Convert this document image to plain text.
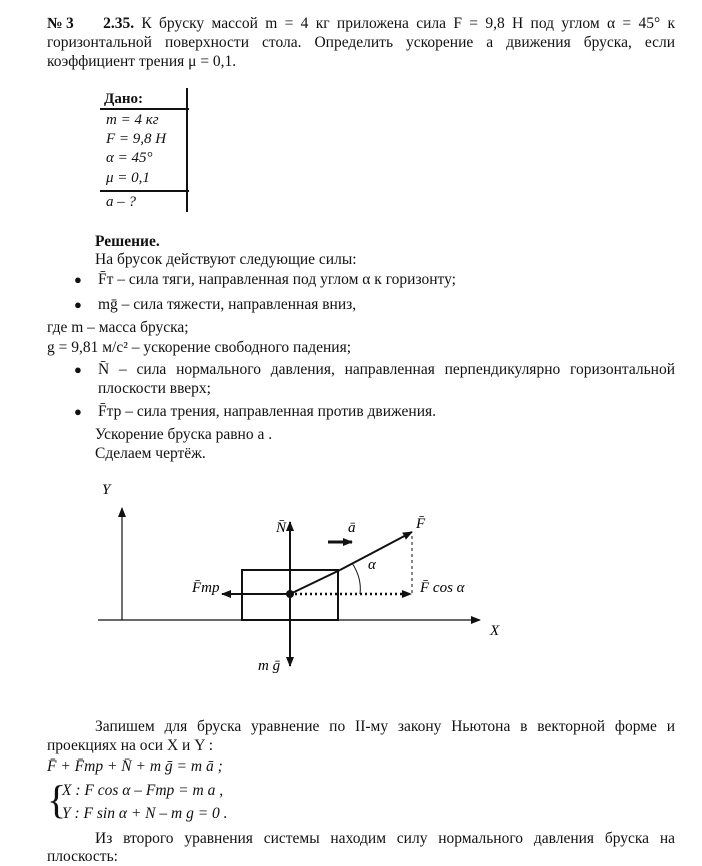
№3 2.35. К бруску массой m = 4 кг приложена сила F = 9,8 Н под углом α = 45° к
горизонтальной поверхности стола. Определить ускорение a движения бруска, если
коэффициент трения μ = 0,1.
Дано:
m = 4 кг
F = 9,8 Н
α = 45°
μ = 0,1
a – ?
Решение.
На брусок действуют следующие силы:
● F̄т – сила тяги, направленная под углом α к горизонту;
● mḡ – сила тяжести, направленная вниз,
где m – масса бруска;
g = 9,81 м/с² – ускорение свободного падения;
● N̄ – сила нормального давления, направленная перпендикулярно горизонтальной
плоскости вверх;
● F̄тр – сила трения, направленная против движения.
Ускорение бруска равно a .
Сделаем чертёж.
Y
X
N̄
m ḡ
F̄тр	F̄ cos α
F̄
α
ā
Запишем для бруска уравнение по II-му закону Ньютона в векторной форме и
проекциях на оси X и Y :
F̄ + F̄тр + N̄ + m ḡ = m ā ;
{
X : F cos α – Fтр = m a ,
Y : F sin α + N – m g = 0 .
Из второго уравнения системы находим силу нормального давления бруска на
плоскость:
